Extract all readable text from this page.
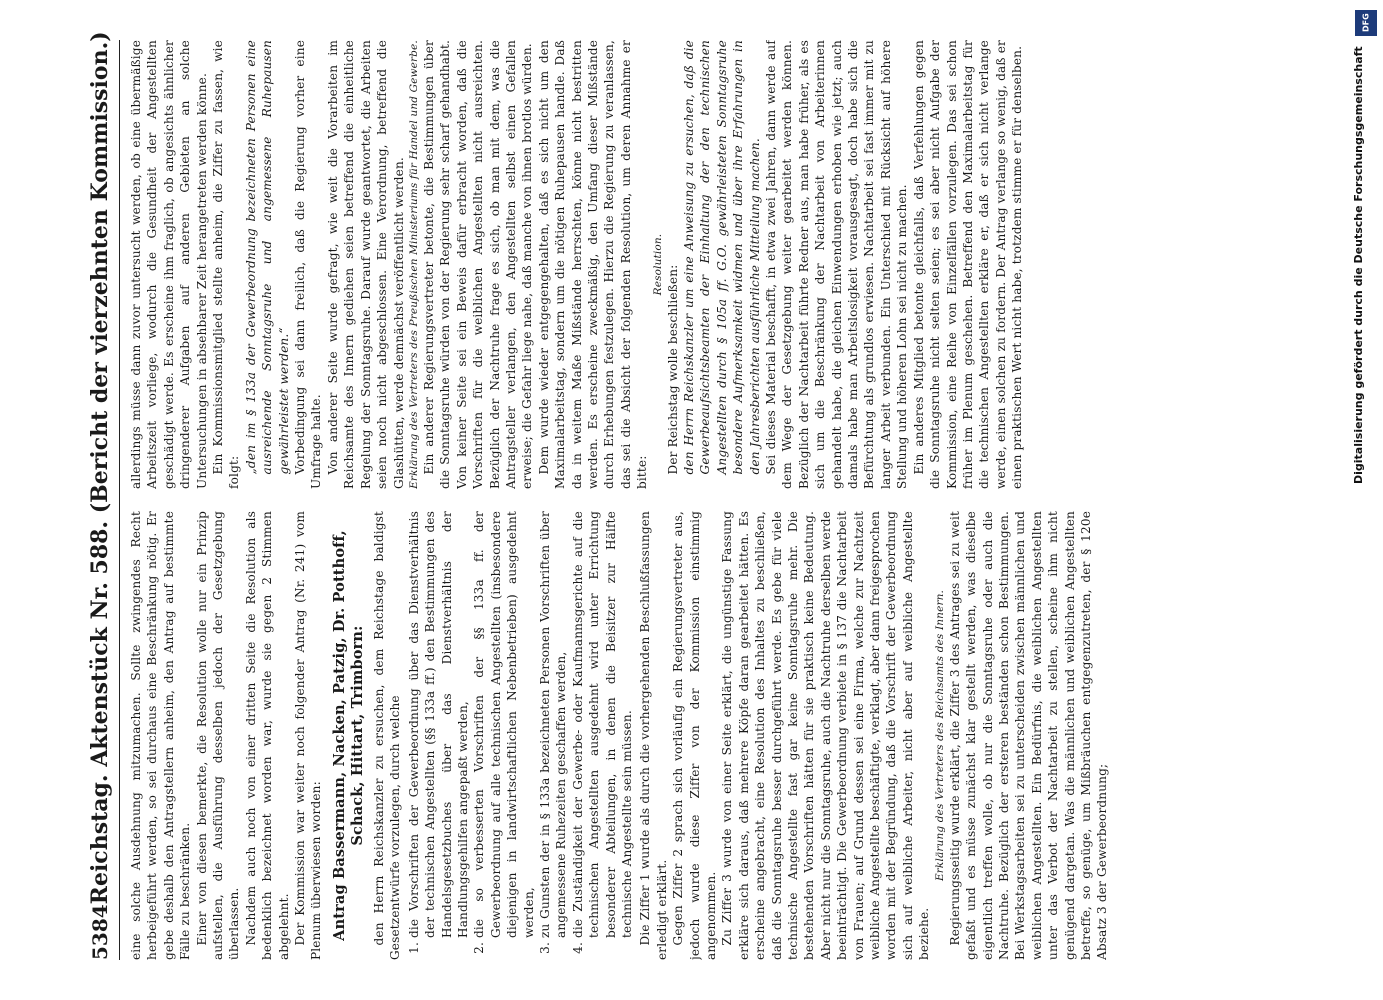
5384
Reichstag. Aktenstück Nr. 588. (Bericht der vierzehnten Kommission.) eine solche Ausdehnung mitzumachen. Sollte zwingendes Recht herbeigeführt werden, so sei durchaus eine Beschränkung nötig. Er gebe deshalb den Antragstellern anheim, den Antrag auf bestimmte Fälle zu beschränken. Einer von diesen bemerkte, die Resolution wolle nur ein Prinzip aufstellen, die Ausführung desselben jedoch der Gesetzgebung überlassen. Nachdem auch noch von einer dritten Seite die Resolution als bedenklich bezeichnet worden war, wurde sie gegen 2 Stimmen abgelehnt. Der Kommission war weiter noch folgender Antrag (Nr. 241) vom Plenum überwiesen worden: Antrag Bassermann, Nacken, Patzig, Dr. Potthoff, Schack, Hittart, Trimborn: den Herrn Reichskanzler zu ersuchen, dem Reichstage baldigst Gesetzentwürfe vorzulegen, durch welche 1. die Vorschriften der Gewerbeordnung über das Dienstverhältnis der technischen Angestellten (§§ 133a ff.) den Bestimmungen des Handelsgesetzbuches über das Dienstverhältnis der Handlungsgehilfen angepaßt werden, 2. die so verbesserten Vorschriften der §§ 133a ff. der Gewerbeordnung auf alle technischen Angestellten (insbesondere diejenigen in landwirtschaftlichen Nebenbetrieben) ausgedehnt werden, 3. zu Gunsten der in § 133a bezeichneten Personen Vorschriften über angemessene Ruhezeiten geschaffen werden, 4. die Zuständigkeit der Gewerbe- oder Kaufmannsgerichte auf die technischen Angestellten ausgedehnt wird unter Errichtung besonderer Abteilungen, in denen die Beisitzer zur Hälfte technische Angestellte sein müssen. Die Ziffer 1 wurde als durch die vorhergehenden Beschlußfassungen erledigt erklärt. Gegen Ziffer 2 sprach sich vorläufig ein Regierungsvertreter aus, jedoch wurde diese Ziffer von der Kommission einstimmig angenommen. Zu Ziffer 3 wurde von einer Seite erklärt, die ungünstige Fassung erkläre sich daraus, daß mehrere Köpfe daran gearbeitet hätten. Es erscheine angebracht, eine Resolution des Inhaltes zu beschließen, daß die Sonntagsruhe besser durchgeführt werde. Es gebe für viele technische Angestellte fast gar keine Sonntagsruhe mehr. Die bestehenden Vorschriften hätten für sie praktisch keine Bedeutung. Aber nicht nur die Sonntagsruhe, auch die Nachtruhe derselben werde beeinträchtigt. Die Gewerbeordnung verbiete in § 137 die Nachtarbeit von Frauen; auf Grund dessen sei eine Firma, welche zur Nachtzeit weibliche Angestellte beschäftigte, verklagt, aber dann freigesprochen worden mit der Begründung, daß die Vorschrift der Gewerbeordnung sich auf weibliche Arbeiter, nicht aber auf weibliche Angestellte beziehe.

Erklärung des Vertreters des Reichsamts des Innern. Regierungsseitig wurde erklärt, die Ziffer 3 des Antrages sei zu weit gefaßt und es müsse zunächst klar gestellt werden, was dieselbe eigentlich treffen wolle, ob nur die Sonntagsruhe oder auch die Nachtruhe. Bezüglich der ersteren beständen schon Bestimmungen. Bei Werkstagsarbeiten sei zu unterscheiden zwischen männlichen und weiblichen Angestellten. Ein Bedürfnis, die weiblichen Angestellten unter das Verbot der Nachtarbeit zu stellen, scheine ihm nicht genügend dargetan. Was die männlichen und weiblichen Angestellten betreffe, so genüge, um Mißbräuchen entgegenzutreten, der § 120e Absatz 3 der Gewerbeordnung;

allerdings müsse dann zuvor untersucht werden, ob eine übermäßige Arbeitszeit vorliege, wodurch die Gesundheit der Angestellten geschädigt werde. Es erscheine ihm fraglich, ob angesichts ähnlicher dringenderer Aufgaben auf anderen Gebieten an solche Untersuchungen in absehbarer Zeit herangetreten werden könne. Ein Kommissionsmitglied stellte anheim, die Ziffer zu fassen, wie folgt: „den im § 133a der Gewerbeordnung bezeichneten Personen eine ausreichende Sonntagsruhe und angemessene Ruhepausen gewährleistet werden.“ Vorbedingung sei dann freilich, daß die Regierung vorher eine Umfrage halte. Von anderer Seite wurde gefragt, wie weit die Vorarbeiten im Reichsamte des Innern gediehen seien betreffend die einheitliche Regelung der Sonntagsruhe. Darauf wurde geantwortet, die Arbeiten seien noch nicht abgeschlossen. Eine Verordnung, betreffend die Glashütten, werde demnächst veröffentlicht werden. Erklärung des Vertreters des Preußischen Ministeriums für Handel und Gewerbe. Ein anderer Regierungsvertreter betonte, die Bestimmungen über die Sonntagsruhe würden von der Regierung sehr scharf gehandhabt. Von keiner Seite sei ein Beweis dafür erbracht worden, daß die Vorschriften für die weiblichen Angestellten nicht ausreichten. Bezüglich der Nachtruhe frage es sich, ob man mit dem, was die Antragsteller verlangen, den Angestellten selbst einen Gefallen erweise; die Gefahr liege nahe, daß manche von ihnen brotlos würden. Dem wurde wieder entgegengehalten, daß es sich nicht um den Maximalarbeitstag, sondern um die nötigen Ruhepausen handle. Daß da in weitem Maße Mißstände herrschten, könne nicht bestritten werden. Es erscheine zweckmäßig, den Umfang dieser Mißstände durch Erhebungen festzulegen. Hierzu die Regierung zu veranlassen, das sei die Absicht der folgenden Resolution, um deren Annahme er bitte:

Resolution.

Der Reichstag wolle beschließen: den Herrn Reichskanzler um eine Anweisung zu ersuchen, daß die Gewerbeaufsichtsbeamten der Einhaltung der den technischen Angestellten durch § 105a ff. G.O. gewährleisteten Sonntagsruhe besondere Aufmerksamkeit widmen und über ihre Erfahrungen in den Jahresberichten ausführliche Mitteilung machen. Sei dieses Material beschafft, in etwa zwei Jahren, dann werde auf dem Wege der Gesetzgebung weiter gearbeitet werden können. Bezüglich der Nachtarbeit führte Redner aus, man habe früher, als es sich um die Beschränkung der Nachtarbeit von Arbeiterinnen gehandelt habe, die gleichen Einwendungen erhoben wie jetzt; auch damals habe man Arbeitslosigkeit vorausgesagt, doch habe sich die Befürchtung als grundlos erwiesen. Nachtarbeit sei fast immer mit zu langer Arbeit verbunden. Ein Unterschied mit Rücksicht auf höhere Stellung und höheren Lohn sei nicht zu machen. Ein anderes Mitglied betonte gleichfalls, daß Verfehlungen gegen die Sonntagsruhe nicht selten seien; es sei aber nicht Aufgabe der Kommission, eine Reihe von Einzelfällen vorzulegen. Das sei schon früher im Plenum geschehen. Betreffend den Maximalarbeitstag für die technischen Angestellten erkläre er, daß er sich nicht verlange werde, einen solchen zu fordern. Der Antrag verlange so wenig, daß er einen praktischen Wert nicht habe, trotzdem stimme er für denselben.

DFG
Digitalisierung gefördert durch die Deutsche Forschungsgemeinschaft
